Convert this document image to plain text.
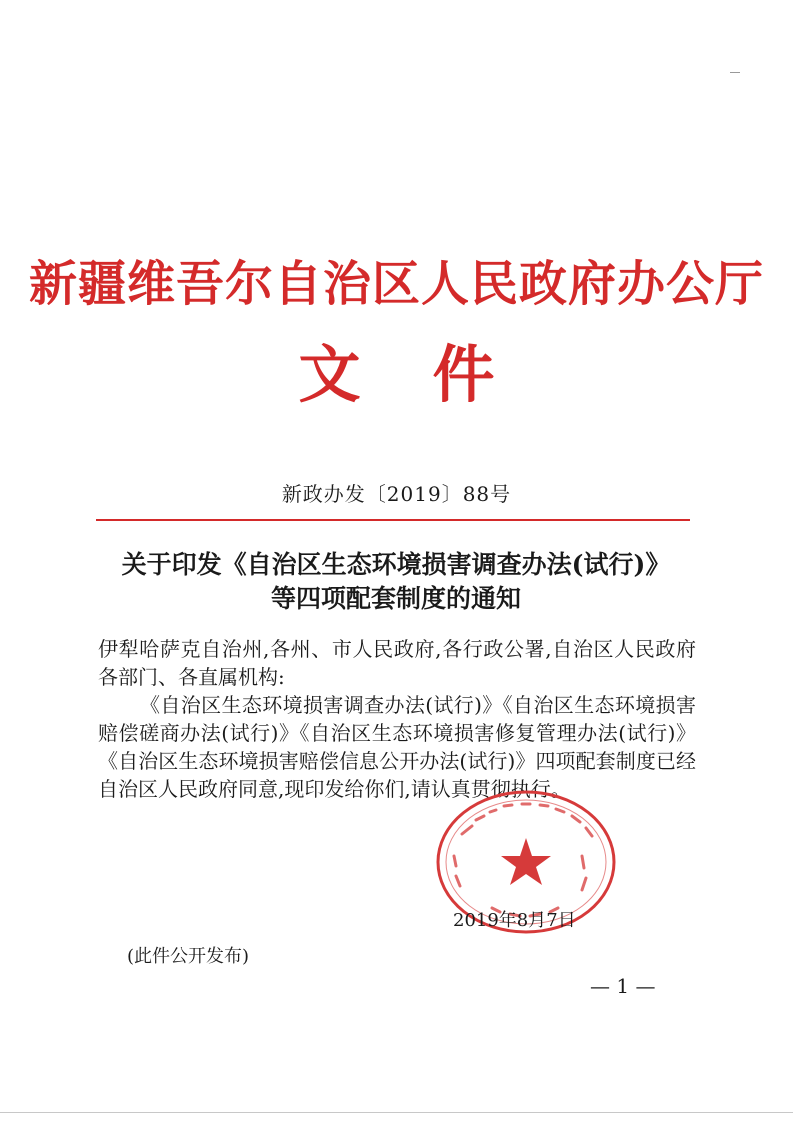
新疆维吾尔自治区人民政府办公厅
文件
新政办发〔2019〕88号
关于印发《自治区生态环境损害调查办法(试行)》
等四项配套制度的通知

伊犁哈萨克自治州,各州、市人民政府,各行政公署,自治区人民政府各部门、各直属机构:

《自治区生态环境损害调查办法(试行)》《自治区生态环境损害赔偿磋商办法(试行)》《自治区生态环境损害修复管理办法(试行)》《自治区生态环境损害赔偿信息公开办法(试行)》四项配套制度已经自治区人民政府同意,现印发给你们,请认真贯彻执行。

2019年8月7日
(此件公开发布)
— 1 —
